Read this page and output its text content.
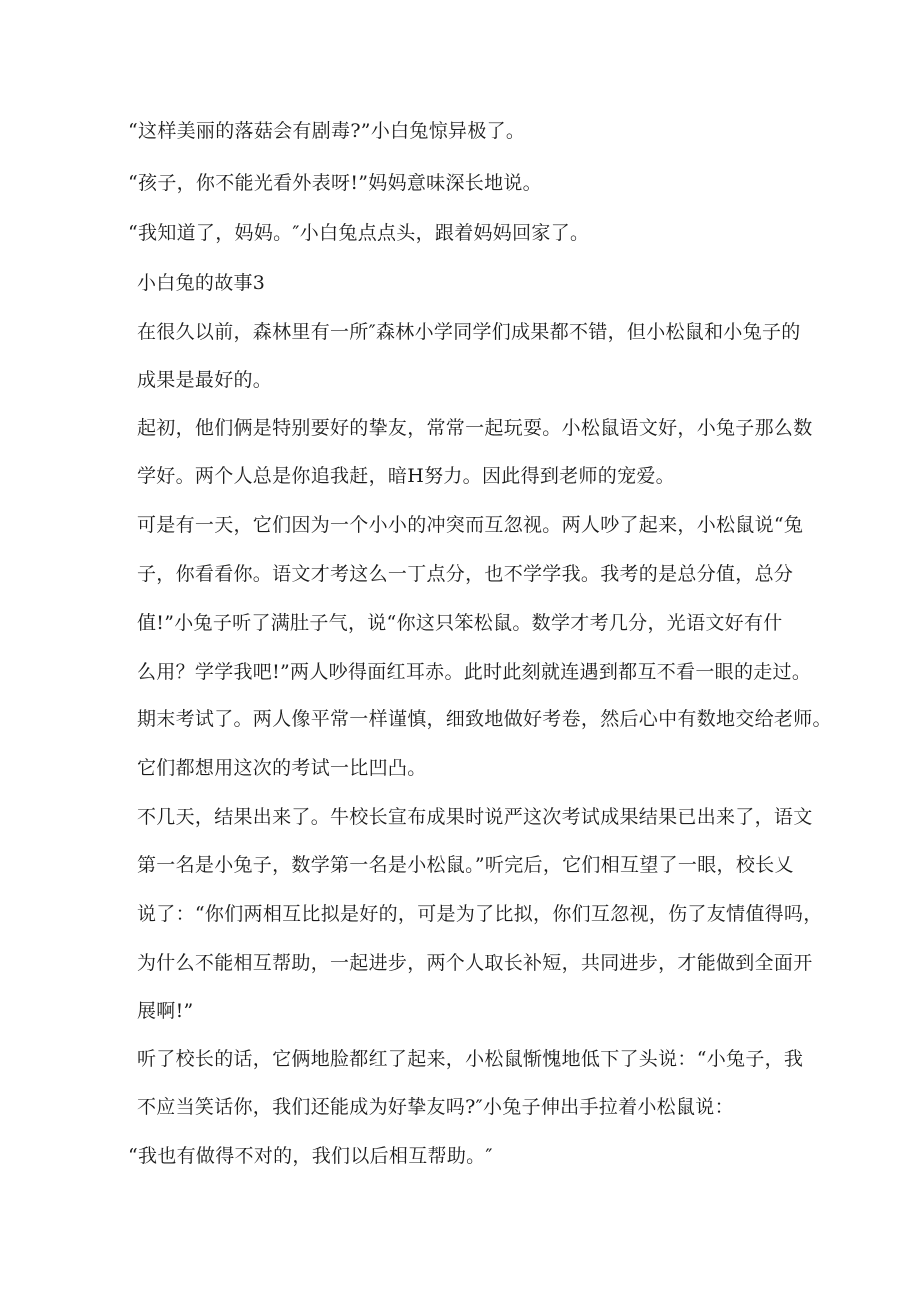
“这样美丽的落菇会有剧毒?”小白兔惊异极了。
“孩子，你不能光看外表呀!”妈妈意味深长地说。
“我知道了，妈妈。″小白兔点点头，跟着妈妈回家了。
小白兔的故事3
在很久以前，森林里有一所″森林小学同学们成果都不错，但小松鼠和小兔子的
成果是最好的。
起初，他们俩是特别要好的挚友，常常一起玩耍。小松鼠语文好，小兔子那么数
学好。两个人总是你追我赶，暗H努力。因此得到老师的宠爱。
可是有一天，它们因为一个小小的冲突而互忽视。两人吵了起来，小松鼠说“兔
子，你看看你。语文才考这么一丁点分，也不学学我。我考的是总分值，总分
值!”小兔子听了满肚子气，说“你这只笨松鼠。数学才考几分，光语文好有什
么用？学学我吧!”两人吵得面红耳赤。此时此刻就连遇到都互不看一眼的走过。
期末考试了。两人像平常一样谨慎，细致地做好考卷，然后心中有数地交给老师。
它们都想用这次的考试一比凹凸。
不几天，结果出来了。牛校长宣布成果时说严这次考试成果结果已出来了，语文
第一名是小兔子，数学第一名是小松鼠。”听完后，它们相互望了一眼，校长乂
说了：“你们两相互比拟是好的，可是为了比拟，你们互忽视，伤了友情值得吗，
为什么不能相互帮助，一起进步，两个人取长补短，共同进步，才能做到全面开
展啊!”
听了校长的话，它俩地脸都红了起来，小松鼠惭愧地低下了头说：“小兔子，我
不应当笑话你，我们还能成为好挚友吗?″小兔子伸出手拉着小松鼠说：
“我也有做得不对的，我们以后相互帮助。″
